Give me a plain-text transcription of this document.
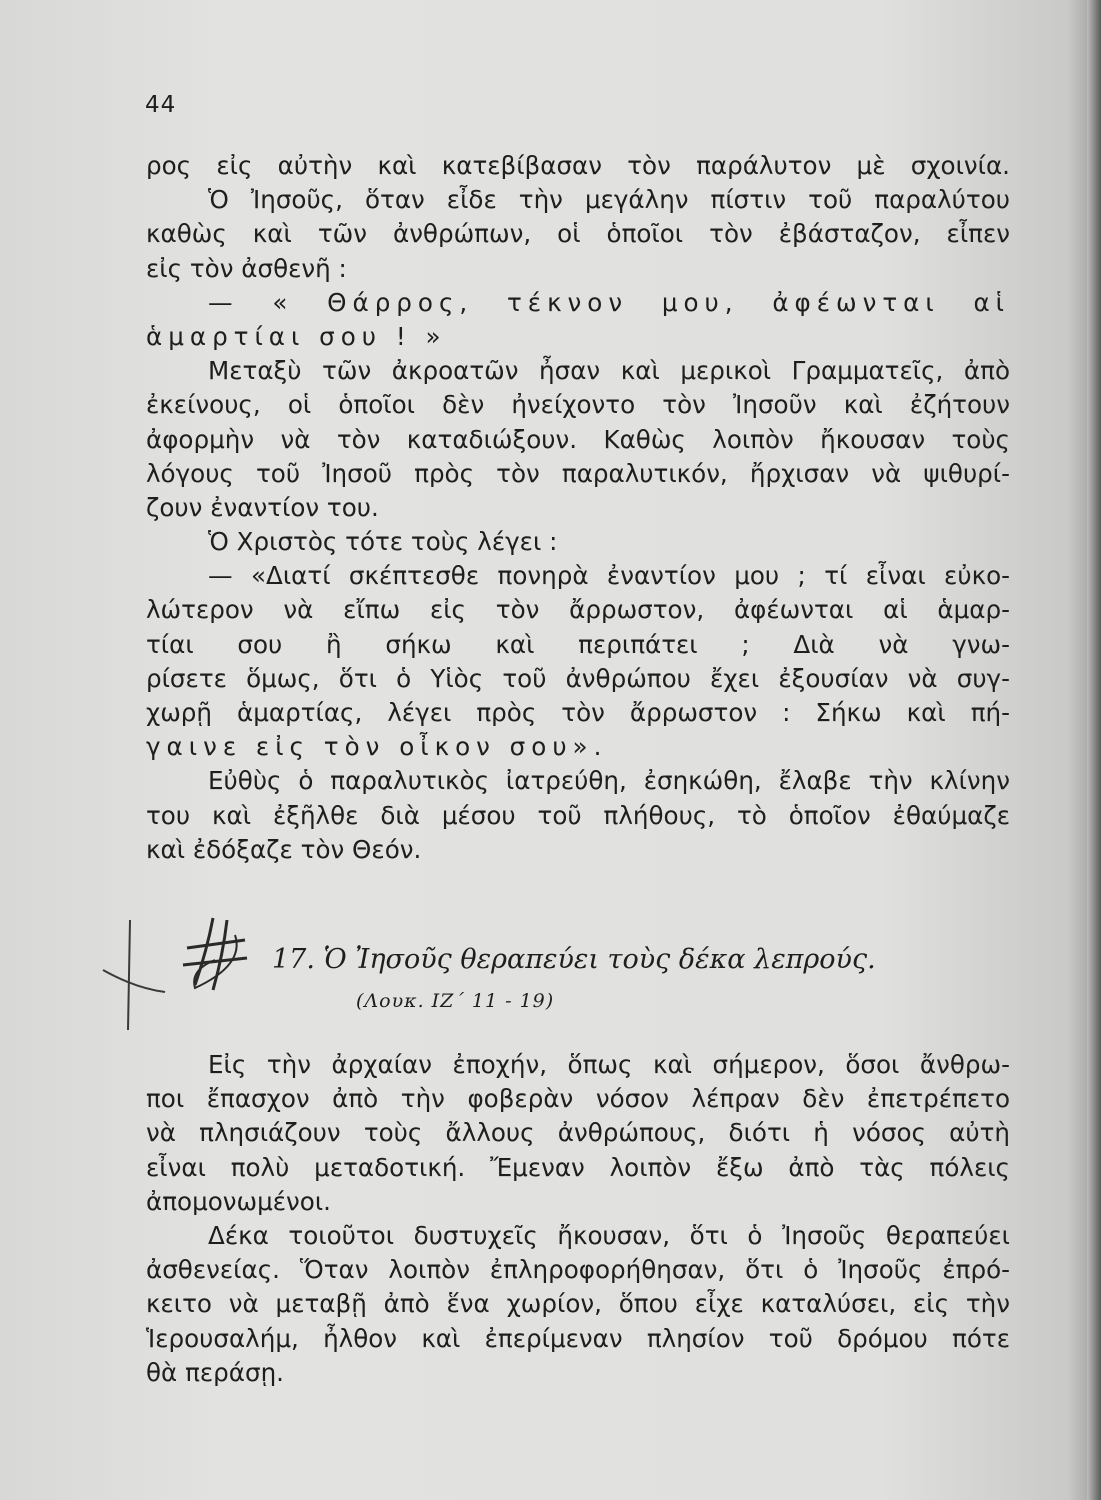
44
ρος εἰς αὐτὴν καὶ κατεβίβασαν τὸν παράλυτον μὲ σχοινία.
Ὁ Ἰησοῦς, ὅταν εἶδε τὴν μεγάλην πίστιν τοῦ παραλύτου
καθὼς καὶ τῶν ἀνθρώπων, οἱ ὁποῖοι τὸν ἐβάσταζον, εἶπεν
εἰς τὸν ἀσθενῆ :
— « Θάρρος, τέκνον μου, ἀφέωνται αἱ
ἁμαρτίαι σου ! »
Μεταξὺ τῶν ἀκροατῶν ἦσαν καὶ μερικοὶ Γραμματεῖς, ἀπὸ
ἐκείνους, οἱ ὁποῖοι δὲν ἠνείχοντο τὸν Ἰησοῦν καὶ ἐζήτουν
ἀφορμὴν νὰ τὸν καταδιώξουν. Καθὼς λοιπὸν ἤκουσαν τοὺς
λόγους τοῦ Ἰησοῦ πρὸς τὸν παραλυτικόν, ἤρχισαν νὰ ψιθυρί-
ζουν ἐναντίον του.
Ὁ Χριστὸς τότε τοὺς λέγει :
— «Διατί σκέπτεσθε πονηρὰ ἐναντίον μου ; τί εἶναι εὐκο-
λώτερον νὰ εἴπω εἰς τὸν ἄρρωστον, ἀφέωνται αἱ ἁμαρ-
τίαι σου ἢ σήκω καὶ περιπάτει ; Διὰ νὰ γνω-
ρίσετε ὅμως, ὅτι ὁ Υἱὸς τοῦ ἀνθρώπου ἔχει ἐξουσίαν νὰ συγ-
χωρῇ ἁμαρτίας, λέγει πρὸς τὸν ἄρρωστον : Σήκω καὶ πή-
γαινε εἰς τὸν οἶκον σου».
Εὐθὺς ὁ παραλυτικὸς ἰατρεύθη, ἐσηκώθη, ἔλαβε τὴν κλίνην
του καὶ ἐξῆλθε διὰ μέσου τοῦ πλήθους, τὸ ὁποῖον ἐθαύμαζε
καὶ ἐδόξαζε τὸν Θεόν.
17. Ὁ Ἰησοῦς θεραπεύει τοὺς δέκα λεπρούς.
(Λουκ. ΙΖ΄ 11 - 19)
Εἰς τὴν ἀρχαίαν ἐποχήν, ὅπως καὶ σήμερον, ὅσοι ἄνθρω-
ποι ἔπασχον ἀπὸ τὴν φοβερὰν νόσον λέπραν δὲν ἐπετρέπετο
νὰ πλησιάζουν τοὺς ἄλλους ἀνθρώπους, διότι ἡ νόσος αὐτὴ
εἶναι πολὺ μεταδοτική. Ἔμεναν λοιπὸν ἔξω ἀπὸ τὰς πόλεις
ἀπομονωμένοι.
Δέκα τοιοῦτοι δυστυχεῖς ἤκουσαν, ὅτι ὁ Ἰησοῦς θεραπεύει
ἀσθενείας. Ὅταν λοιπὸν ἐπληροφορήθησαν, ὅτι ὁ Ἰησοῦς ἐπρό-
κειτο νὰ μεταβῇ ἀπὸ ἕνα χωρίον, ὅπου εἶχε καταλύσει, εἰς τὴν
Ἱερουσαλήμ, ἦλθον καὶ ἐπερίμεναν πλησίον τοῦ δρόμου πότε
θὰ περάσῃ.
